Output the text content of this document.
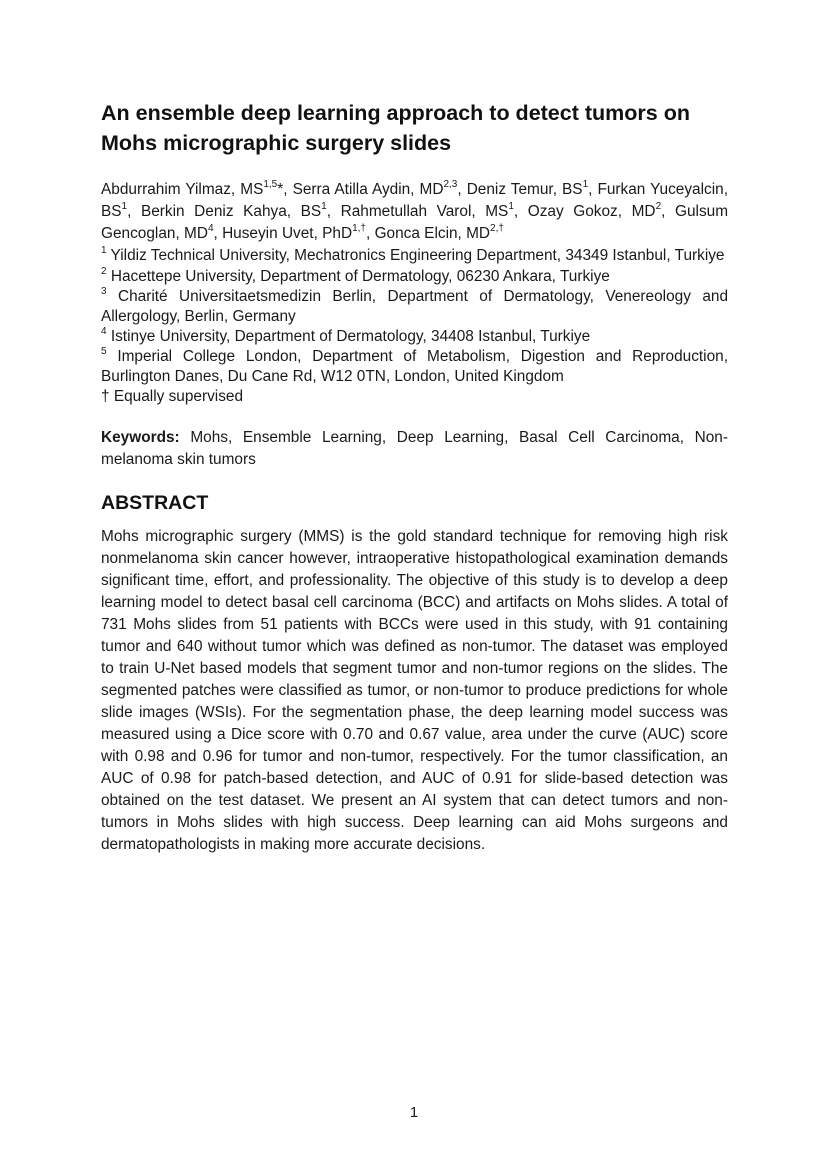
An ensemble deep learning approach to detect tumors on Mohs micrographic surgery slides
Abdurrahim Yilmaz, MS$^{1,5}$*, Serra Atilla Aydin, MD$^{2,3}$, Deniz Temur, $BS^1$, Furkan Yuceyalcin, $BS^1$, Berkin Deniz Kahya, $BS^1$, Rahmetullah Varol, $MS^1$, Ozay Gokoz, $MD^2$, Gulsum Gencoglan, $MD^4$, Huseyin Uvet, PhD$^{1,\dagger}$, Gonca Elcin, $MD^{2,\dagger}$
$^1$ Yildiz Technical University, Mechatronics Engineering Department, 34349 Istanbul, Turkiye
$^2$ Hacettepe University, Department of Dermatology, 06230 Ankara, Turkiye
$^3$ Charité Universitaetsmedizin Berlin, Department of Dermatology, Venereology and Allergology, Berlin, Germany
$^4$ Istinye University, Department of Dermatology, 34408 Istanbul, Turkiye
$^5$ Imperial College London, Department of Metabolism, Digestion and Reproduction, Burlington Danes, Du Cane Rd, W12 0TN, London, United Kingdom
† Equally supervised
Keywords: Mohs, Ensemble Learning, Deep Learning, Basal Cell Carcinoma, Non-melanoma skin tumors
ABSTRACT
Mohs micrographic surgery (MMS) is the gold standard technique for removing high risk nonmelanoma skin cancer however, intraoperative histopathological examination demands significant time, effort, and professionality. The objective of this study is to develop a deep learning model to detect basal cell carcinoma (BCC) and artifacts on Mohs slides. A total of 731 Mohs slides from 51 patients with BCCs were used in this study, with 91 containing tumor and 640 without tumor which was defined as non-tumor. The dataset was employed to train U-Net based models that segment tumor and non-tumor regions on the slides. The segmented patches were classified as tumor, or non-tumor to produce predictions for whole slide images (WSIs). For the segmentation phase, the deep learning model success was measured using a Dice score with 0.70 and 0.67 value, area under the curve (AUC) score with 0.98 and 0.96 for tumor and non-tumor, respectively. For the tumor classification, an AUC of 0.98 for patch-based detection, and AUC of 0.91 for slide-based detection was obtained on the test dataset. We present an AI system that can detect tumors and non-tumors in Mohs slides with high success. Deep learning can aid Mohs surgeons and dermatopathologists in making more accurate decisions.
1
